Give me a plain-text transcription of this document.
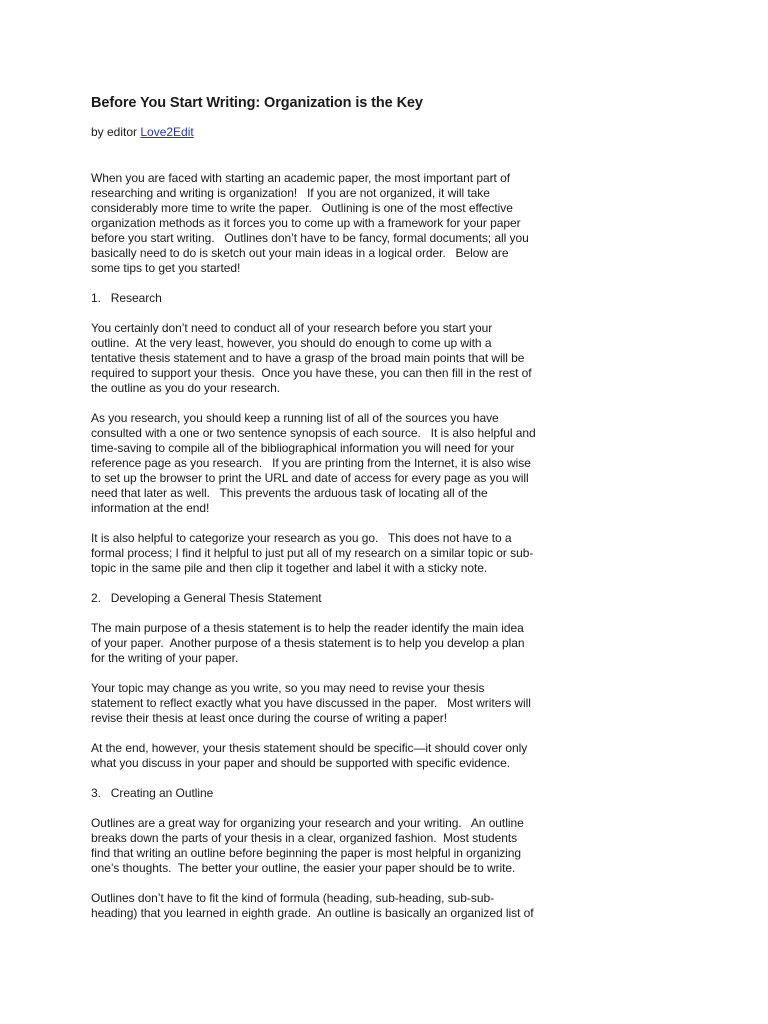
Before You Start Writing: Organization is the Key

by editor Love2Edit

When you are faced with starting an academic paper, the most important part of
researching and writing is organization!   If you are not organized, it will take
considerably more time to write the paper.   Outlining is one of the most effective
organization methods as it forces you to come up with a framework for your paper
before you start writing.   Outlines don’t have to be fancy, formal documents; all you
basically need to do is sketch out your main ideas in a logical order.   Below are
some tips to get you started!
1.   Research
You certainly don’t need to conduct all of your research before you start your
outline.  At the very least, however, you should do enough to come up with a
tentative thesis statement and to have a grasp of the broad main points that will be
required to support your thesis.  Once you have these, you can then fill in the rest of
the outline as you do your research.
As you research, you should keep a running list of all of the sources you have
consulted with a one or two sentence synopsis of each source.   It is also helpful and
time-saving to compile all of the bibliographical information you will need for your
reference page as you research.   If you are printing from the Internet, it is also wise
to set up the browser to print the URL and date of access for every page as you will
need that later as well.   This prevents the arduous task of locating all of the
information at the end!
It is also helpful to categorize your research as you go.   This does not have to a
formal process; I find it helpful to just put all of my research on a similar topic or sub-
topic in the same pile and then clip it together and label it with a sticky note.
2.   Developing a General Thesis Statement
The main purpose of a thesis statement is to help the reader identify the main idea
of your paper.  Another purpose of a thesis statement is to help you develop a plan
for the writing of your paper.
Your topic may change as you write, so you may need to revise your thesis
statement to reflect exactly what you have discussed in the paper.   Most writers will
revise their thesis at least once during the course of writing a paper!
At the end, however, your thesis statement should be specific—it should cover only
what you discuss in your paper and should be supported with specific evidence.
3.   Creating an Outline
Outlines are a great way for organizing your research and your writing.   An outline
breaks down the parts of your thesis in a clear, organized fashion.  Most students
find that writing an outline before beginning the paper is most helpful in organizing
one’s thoughts.  The better your outline, the easier your paper should be to write.
Outlines don’t have to fit the kind of formula (heading, sub-heading, sub-sub-
heading) that you learned in eighth grade.  An outline is basically an organized list of
